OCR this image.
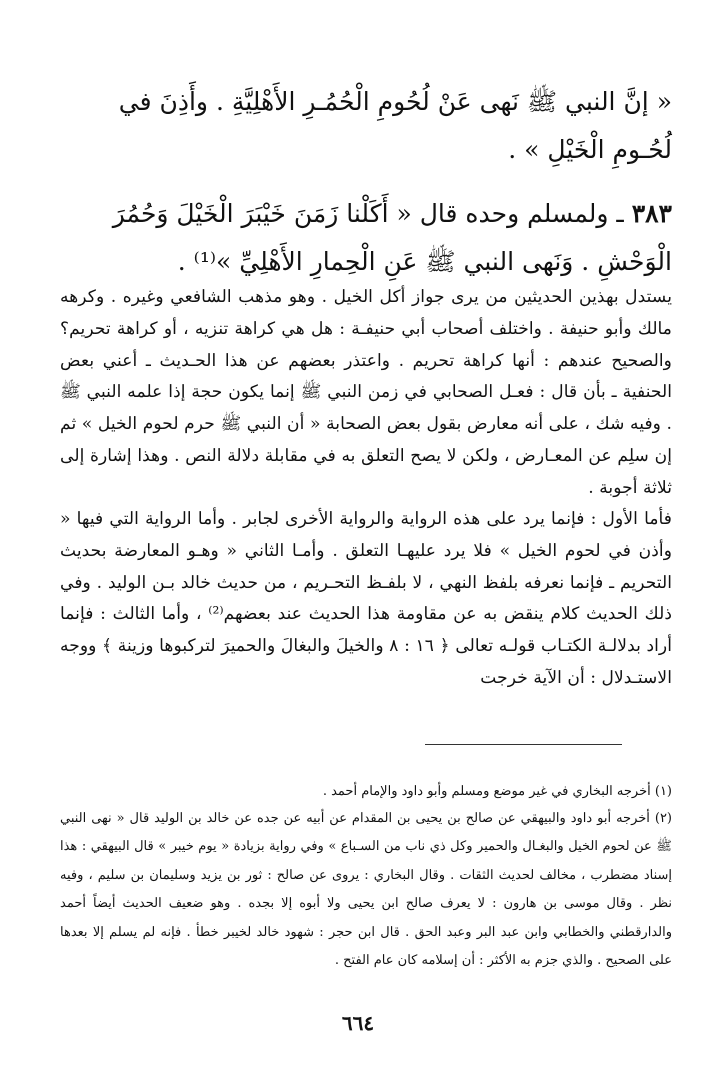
« إنَّ النبي ﷺ نَهى عَنْ لُحُومِ الْحُمُـرِ الأَهْلِيَّةِ . وأَذِنَ في لُحُـومِ الْخَيْلِ » .

٣٨٣ ـ ولمسلم وحده قال « أَكَلْنا زَمَنَ خَيْبَرَ الْخَيْلَ وَحُمُرَ الْوَحْشِ . وَنَهى النبي ﷺ عَنِ الْحِمارِ الأَهْلِيِّ »⁽¹⁾ .

يستدل بهذين الحديثين من يرى جواز أكل الخيل . وهو مذهب الشافعي وغيره . وكرهه مالك وأبو حنيفة . واختلف أصحاب أبي حنيفـة : هل هي كراهة تنزيه ، أو كراهة تحريم؟ والصحيح عندهم : أنها كراهة تحريم . واعتذر بعضهم عن هذا الحـديث ـ أعني بعض الحنفية ـ بأن قال : فعـل الصحابي في زمن النبي ﷺ إنما يكون حجة إذا علمه النبي ﷺ . وفيه شك ، على أنه معارض بقول بعض الصحابة « أن النبي ﷺ حرم لحوم الخيل » ثم إن سلِم عن المعـارض ، ولكن لا يصح التعلق به في مقابلة دلالة النص . وهذا إشارة إلى ثلاثة أجوبة .

فأما الأول : فإنما يرد على هذه الرواية والرواية الأخرى لجابر . وأما الرواية التي فيها « وأذن في لحوم الخيل » فلا يرد عليهـا التعلق . وأمـا الثاني « وهـو المعارضة بحديث التحريم ـ فإنما نعرفه بلفظ النهي ، لا بلفـظ التحـريم ، من حديث خالد بـن الوليد . وفي ذلك الحديث كلام ينقض به عن مقاومة هذا الحديث عند بعضهم⁽²⁾ ، وأما الثالث : فإنما أراد بدلالـة الكتـاب قولـه تعالى ﴿ ١٦ : ٨ والخيلَ والبغالَ والحميرَ لتركبوها وزينة ﴾ ووجه الاستـدلال : أن الآية خرجت

(١) أخرجه البخاري في غير موضع ومسلم وأبو داود والإمام أحمد .

(٢) أخرجه أبو داود والبيهقي عن صالح بن يحيى بن المقدام عن أبيه عن جده عن خالد بن الوليد قال « نهى النبي ﷺ عن لحوم الخيل والبغـال والحمير وكل ذي ناب من السـباع » وفي رواية بزيادة « يوم خيبر » قال البيهقي : هذا إسناد مضطرب ، مخالف لحديث الثقات . وقال البخاري : يروى عن صالح : ثور بن يزيد وسليمان بن سليم ، وفيه نظر . وقال موسى بن هارون : لا يعرف صالح ابن يحيى ولا أبوه إلا بجده . وهو ضعيف الحديث أيضاً أحمد والدارقطني والخطابي وابن عبد البر وعبد الحق . قال ابن حجر : شهود خالد لخيبر خطأ . فإنه لم يسلم إلا بعدها على الصحيح . والذي جزم به الأكثر : أن إسلامه كان عام الفتح .

٦٦٤
